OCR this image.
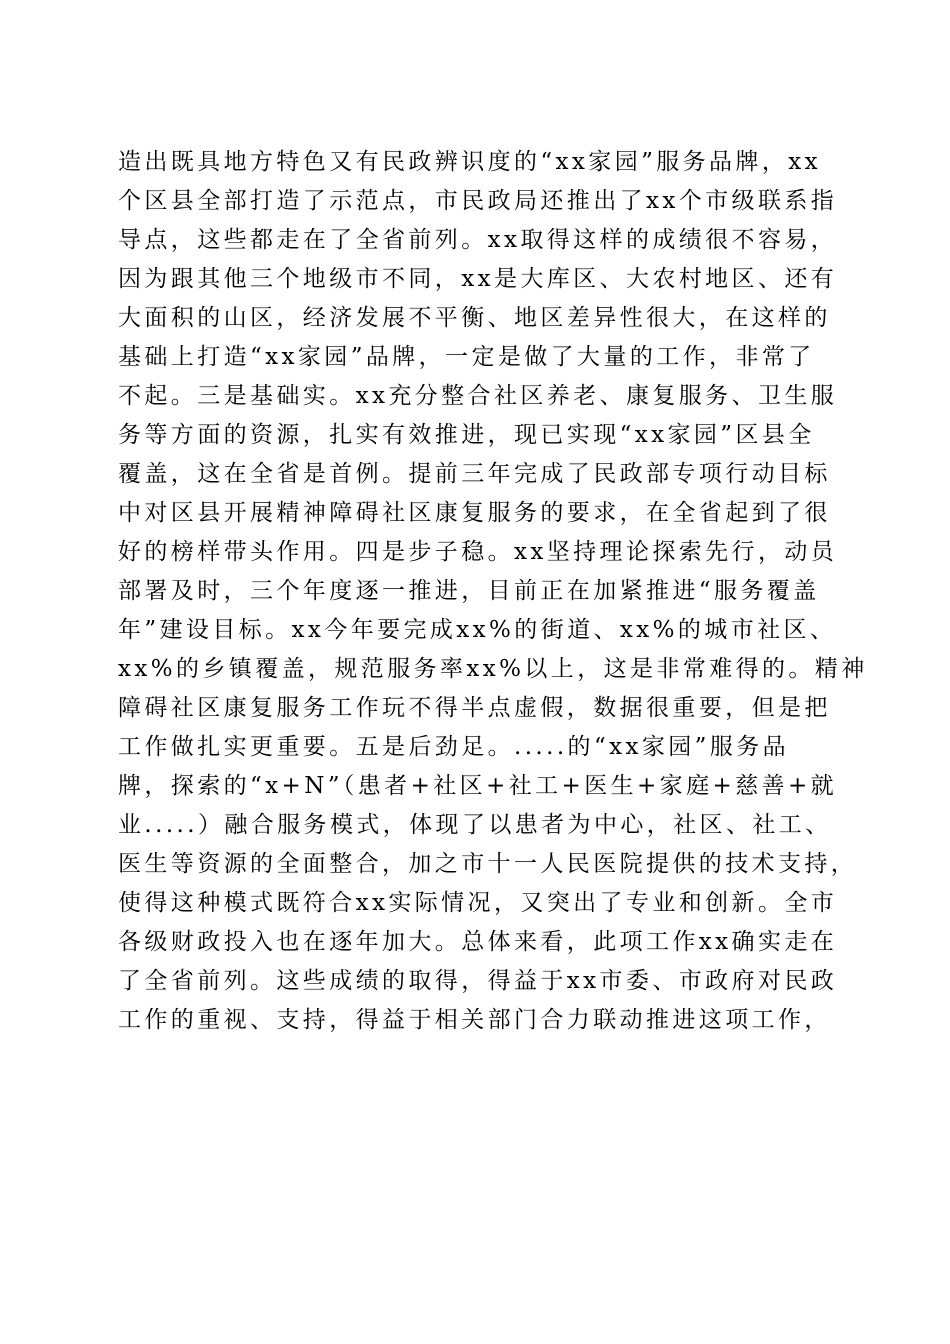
造出既具地方特色又有民政辨识度的“xx家园”服务品牌，xx
个区县全部打造了示范点，市民政局还推出了xx个市级联系指
导点，这些都走在了全省前列。xx取得这样的成绩很不容易，
因为跟其他三个地级市不同，xx是大库区、大农村地区、还有
大面积的山区，经济发展不平衡、地区差异性很大，在这样的
基础上打造“xx家园”品牌，一定是做了大量的工作，非常了
不起。三是基础实。xx充分整合社区养老、康复服务、卫生服
务等方面的资源，扎实有效推进，现已实现“xx家园”区县全
覆盖，这在全省是首例。提前三年完成了民政部专项行动目标
中对区县开展精神障碍社区康复服务的要求，在全省起到了很
好的榜样带头作用。四是步子稳。xx坚持理论探索先行，动员
部署及时，三个年度逐一推进，目前正在加紧推进“服务覆盖
年”建设目标。xx今年要完成xx%的街道、xx%的城市社区、
xx%的乡镇覆盖，规范服务率xx%以上，这是非常难得的。精神
障碍社区康复服务工作玩不得半点虚假，数据很重要，但是把
工作做扎实更重要。五是后劲足。.....的“xx家园”服务品
牌，探索的“x+N”（患者+社区+社工+医生+家庭+慈善+就
业.....）融合服务模式，体现了以患者为中心，社区、社工、
医生等资源的全面整合，加之市十一人民医院提供的技术支持，
使得这种模式既符合xx实际情况，又突出了专业和创新。全市
各级财政投入也在逐年加大。总体来看，此项工作xx确实走在
了全省前列。这些成绩的取得，得益于xx市委、市政府对民政
工作的重视、支持，得益于相关部门合力联动推进这项工作，
